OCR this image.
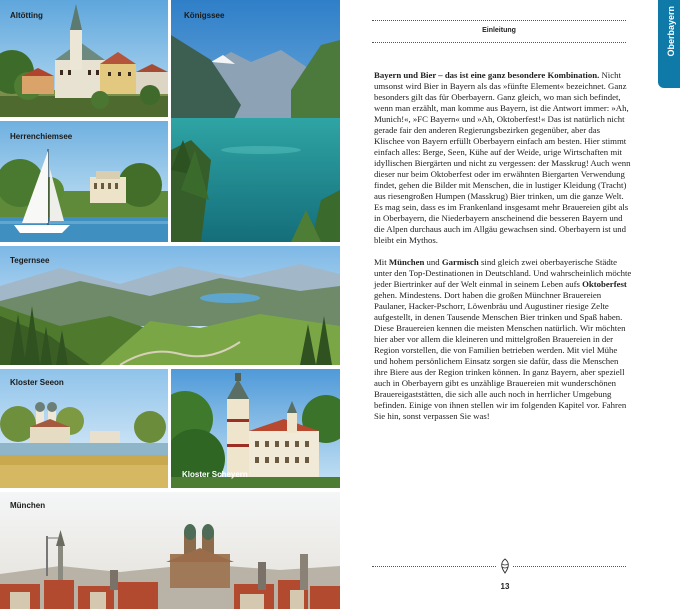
Altötting	Königssee
Herrenchiemsee
Tegernsee
Kloster Seeon
Kloster Scheyern
München
Oberbayern
Einleitung

Bayern und Bier – das ist eine ganz besondere Kombination. Nicht umsonst wird Bier in Bayern als das »fünfte Element« bezeichnet. Ganz besonders gilt das für Oberbayern. Ganz gleich, wo man sich befindet, wenn man erzählt, man komme aus Bayern, ist die Antwort immer: »Ah, Munich!«, »FC Bayern« und »Ah, Oktoberfest!« Das ist natürlich nicht gerade fair den anderen Regierungsbezirken gegenüber, aber das Klischee von Bayern erfüllt Oberbayern einfach am besten. Hier stimmt einfach alles: Berge, Seen, Kühe auf der Weide, urige Wirtschaften mit idyllischen Biergärten und nicht zu vergessen: der Masskrug! Auch wenn dieser nur beim Oktoberfest oder im erwähnten Biergarten Verwendung findet, gehen die Bilder mit Menschen, die in lustiger Kleidung (Tracht) aus riesengroßen Humpen (Masskrug) Bier trinken, um die ganze Welt. Es mag sein, dass es im Frankenland insgesamt mehr Brauereien gibt als in Oberbayern, die Niederbayern anscheinend die besseren Bayern und die Alpen durchaus auch im Allgäu gewachsen sind. Oberbayern ist und bleibt ein Mythos.

Mit München und Garmisch sind gleich zwei oberbayerische Städte unter den Top-Destinationen in Deutschland. Und wahrscheinlich möchte jeder Biertrinker auf der Welt einmal in seinem Leben aufs Oktoberfest gehen. Mindestens. Dort haben die großen Münchner Brauereien Paulaner, Hacker-Pschorr, Löwenbräu und Augustiner riesige Zelte aufgestellt, in denen Tausende Menschen Bier trinken und Spaß haben. Diese Brauereien kennen die meisten Menschen natürlich. Wir möchten hier aber vor allem die kleineren und mittelgroßen Brauereien in der Region vorstellen, die von Familien betrieben werden. Mit viel Mühe und hohem persönlichem Einsatz sorgen sie dafür, dass die Menschen ihre Biere aus der Region trinken können. In ganz Bayern, aber speziell auch in Oberbayern gibt es unzählige Brauereien mit wunderschönen Brauereigaststätten, die sich alle auch noch in herrlicher Umgebung befinden. Einige von ihnen stellen wir im folgenden Kapitel vor. Fahren Sie hin, sonst verpassen Sie was!

13
